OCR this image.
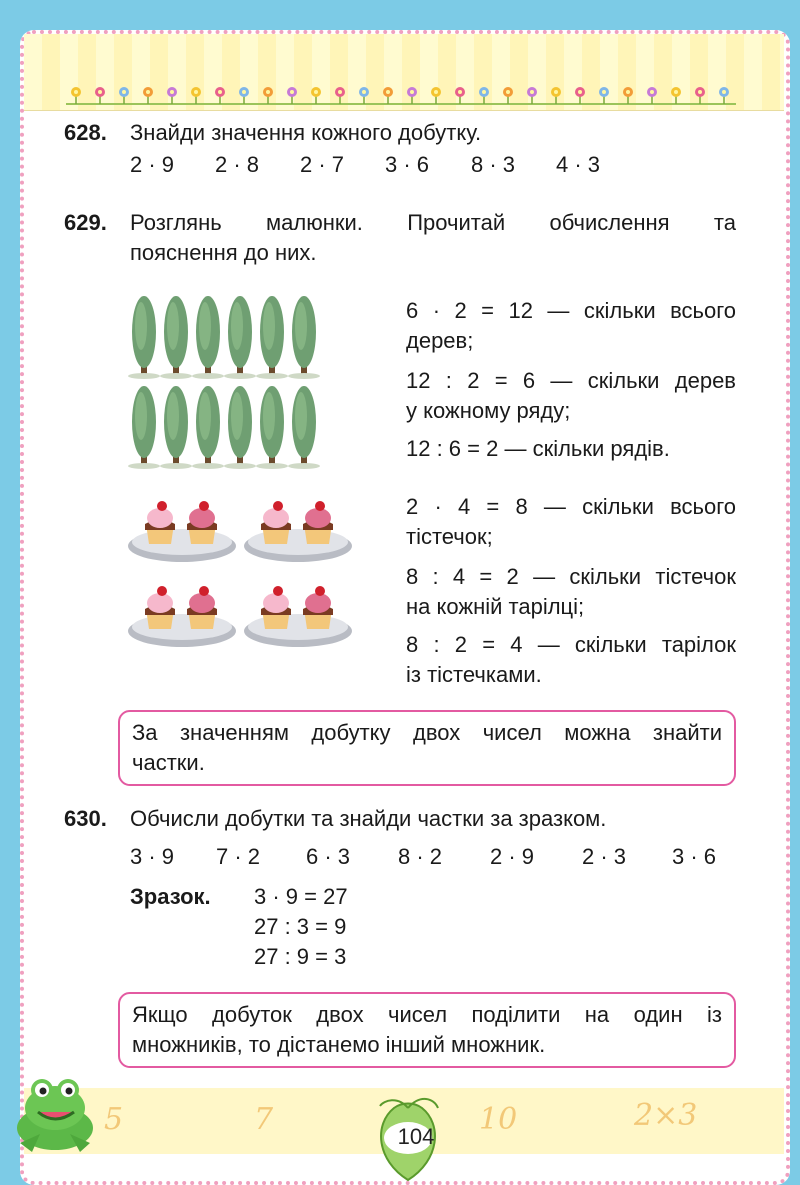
5	7	10	2×3
104
628. Знайди значення кожного добутку.
2 · 9	2 · 8	2 · 7	3 · 6	8 · 3	4 · 3
629. Розглянь малюнки. Прочитай обчислення та
пояснення до них.
6 · 2 = 12 — скільки всього
дерев;
12 : 2 = 6 — скільки дерев
у кожному ряду;
12 : 6 = 2 — скільки рядів.
2 · 4 = 8 — скільки всього
тістечок;
8 : 4 = 2 — скільки тістечок
на кожній тарілці;
8 : 2 = 4 — скільки тарілок
із тістечками.
За значенням добутку двох чисел можна знайти
частки.
630. Обчисли добутки та знайди частки за зразком.
3 · 9	7 · 2	6 · 3	8 · 2	2 · 9	2 · 3	3 · 6
Зразок. 3 · 9 = 27
27 : 3 = 9
27 : 9 = 3
Якщо добуток двох чисел поділити на один із
множників, то дістанемо інший множник.
